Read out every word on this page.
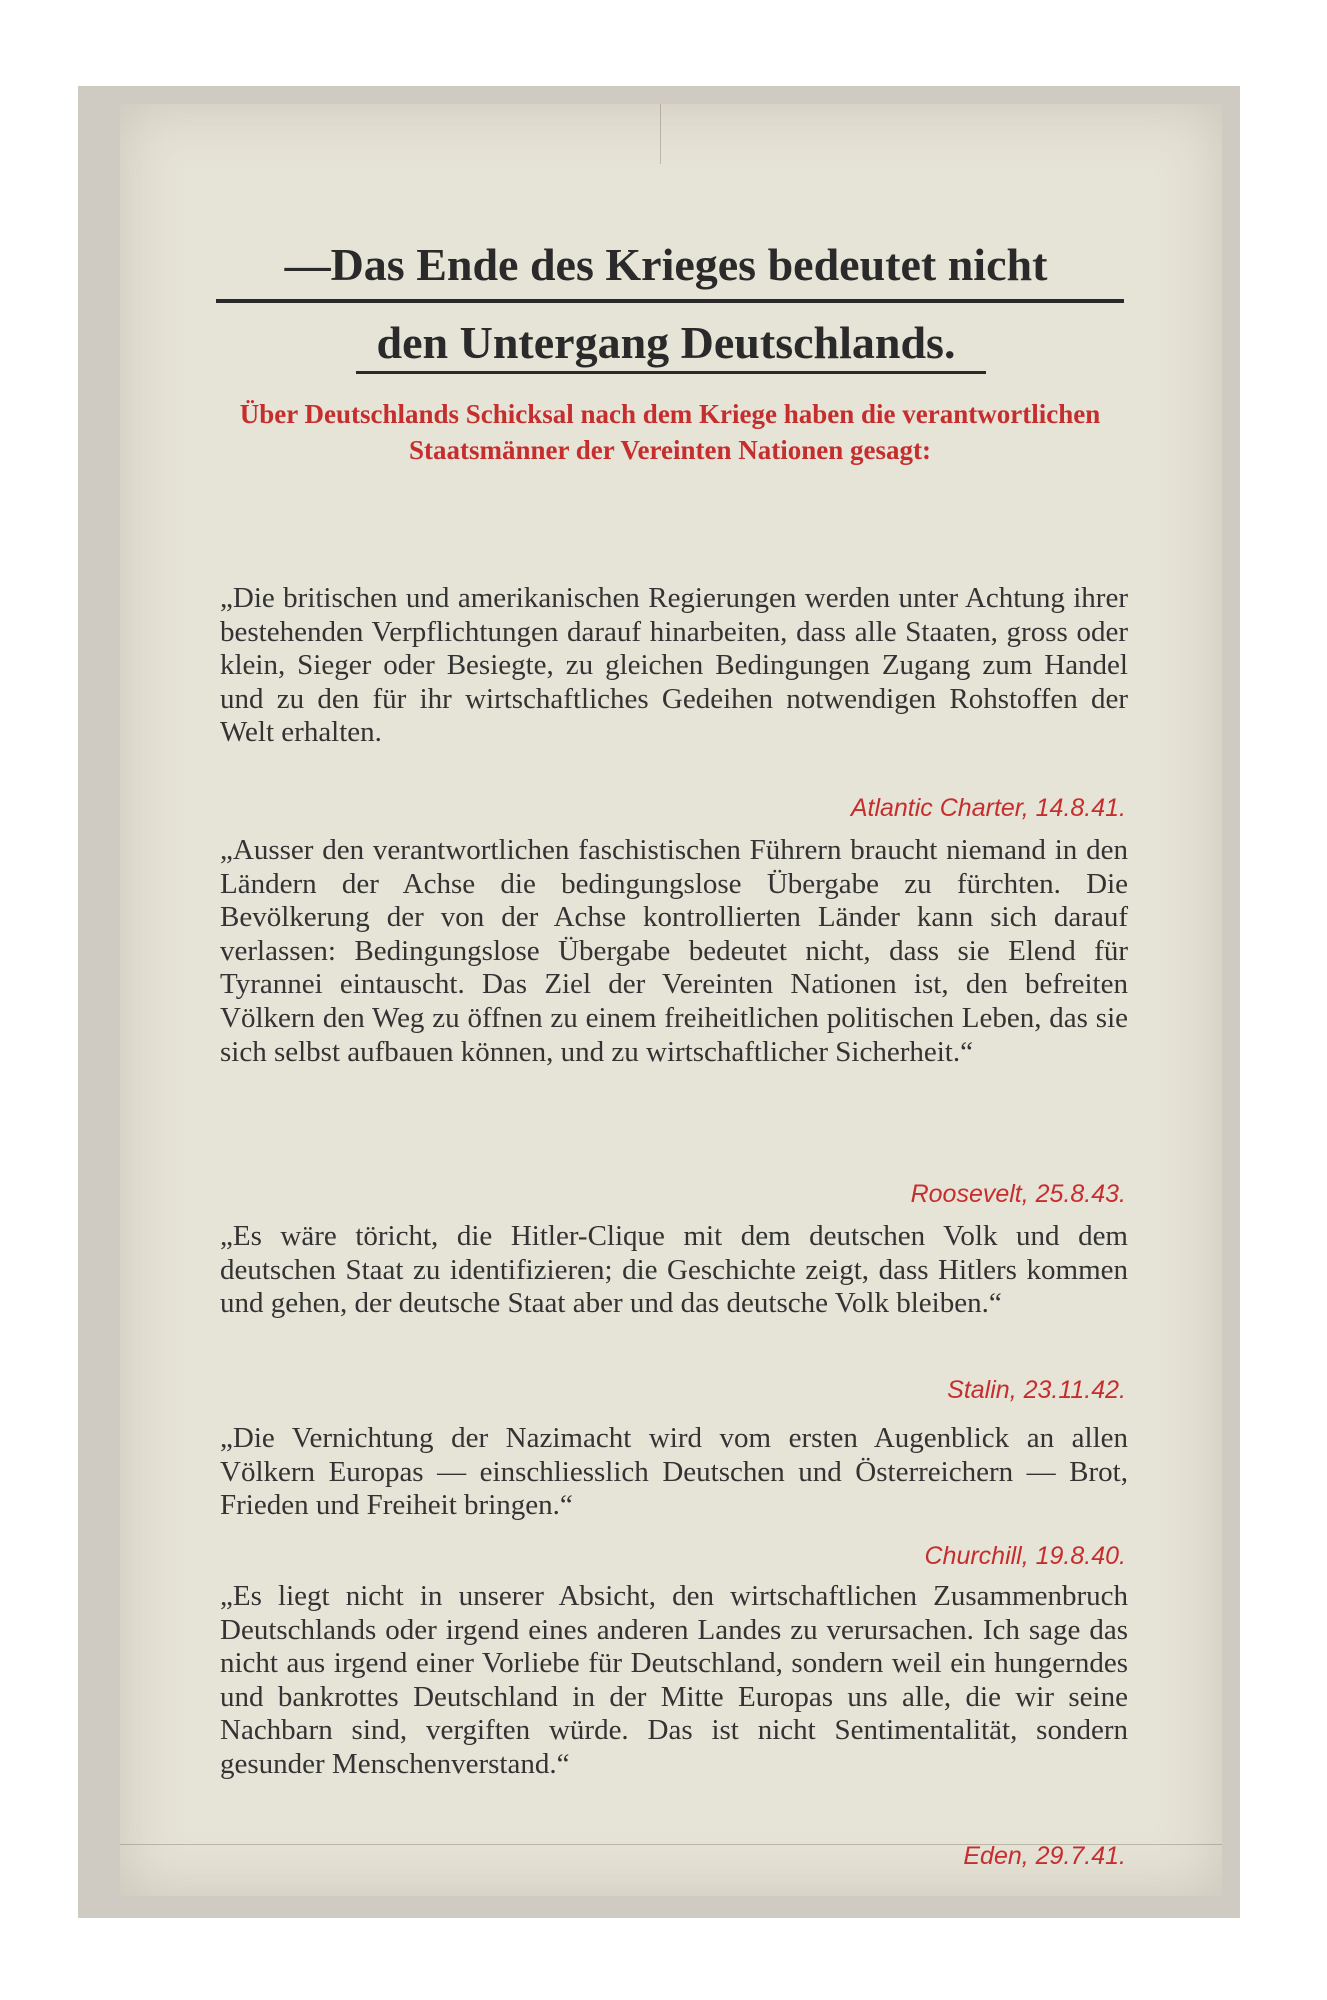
—Das Ende des Krieges bedeutet nicht
den Untergang Deutschlands.
Über Deutschlands Schicksal nach dem Kriege haben die verantwortlichen Staatsmänner der Vereinten Nationen gesagt:
„Die britischen und amerikanischen Regierungen werden unter Achtung ihrer bestehenden Verpflichtungen darauf hinarbeiten, dass alle Staaten, gross oder klein, Sieger oder Besiegte, zu gleichen Bedingungen Zugang zum Handel und zu den für ihr wirtschaftliches Gedeihen notwendigen Rohstoffen der Welt erhalten.
Atlantic Charter, 14.8.41.
„Ausser den verantwortlichen faschistischen Führern braucht niemand in den Ländern der Achse die bedingungslose Übergabe zu fürchten. Die Bevölkerung der von der Achse kontrollierten Länder kann sich darauf verlassen: Bedingungslose Übergabe bedeutet nicht, dass sie Elend für Tyrannei eintauscht. Das Ziel der Vereinten Nationen ist, den befreiten Völkern den Weg zu öffnen zu einem freiheitlichen politischen Leben, das sie sich selbst aufbauen können, und zu wirtschaftlicher Sicherheit.“
Roosevelt, 25.8.43.
„Es wäre töricht, die Hitler-Clique mit dem deutschen Volk und dem deutschen Staat zu identifizieren; die Geschichte zeigt, dass Hitlers kommen und gehen, der deutsche Staat aber und das deutsche Volk bleiben.“
Stalin, 23.11.42.
„Die Vernichtung der Nazimacht wird vom ersten Augenblick an allen Völkern Europas — einschliesslich Deutschen und Österreichern — Brot, Frieden und Freiheit bringen.“
Churchill, 19.8.40.
„Es liegt nicht in unserer Absicht, den wirtschaftlichen Zusammenbruch Deutschlands oder irgend eines anderen Landes zu verursachen. Ich sage das nicht aus irgend einer Vorliebe für Deutschland, sondern weil ein hungerndes und bankrottes Deutschland in der Mitte Europas uns alle, die wir seine Nachbarn sind, vergiften würde. Das ist nicht Sentimentalität, sondern gesunder Menschenverstand.“
Eden, 29.7.41.
